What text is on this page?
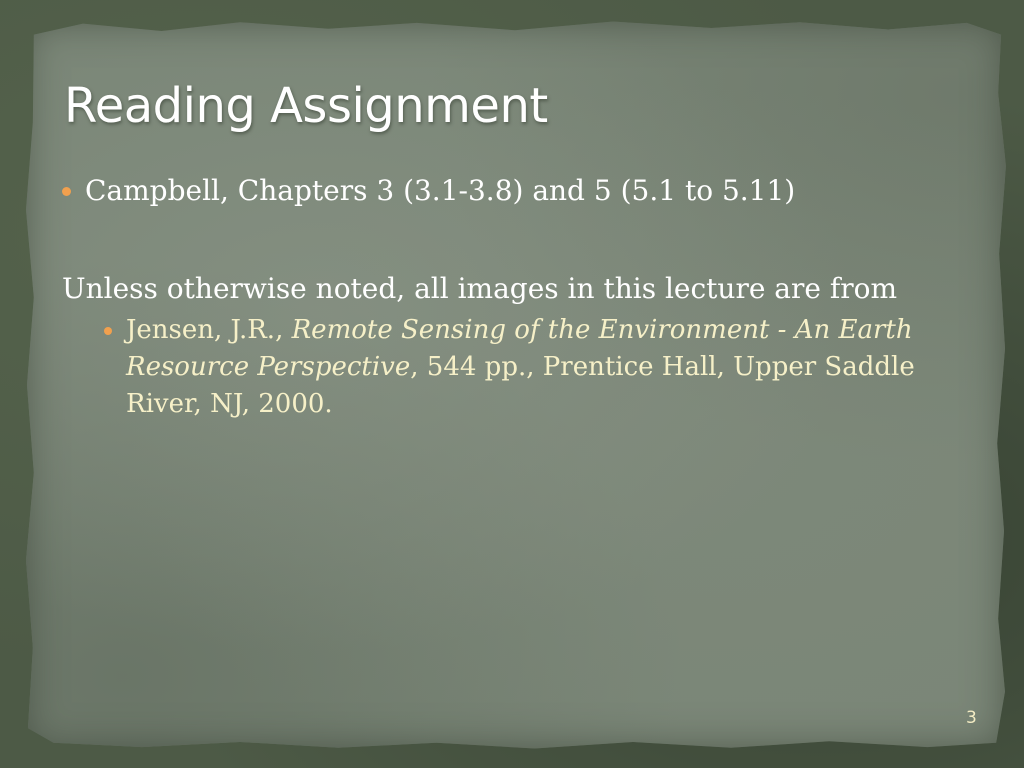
Reading Assignment

Campbell, Chapters 3 (3.1-3.8) and 5 (5.1 to 5.11)

Unless otherwise noted, all images in this lecture are from

Jensen, J.R., Remote Sensing of the Environment - An Earth Resource Perspective, 544 pp., Prentice Hall, Upper Saddle River, NJ, 2000.
3
